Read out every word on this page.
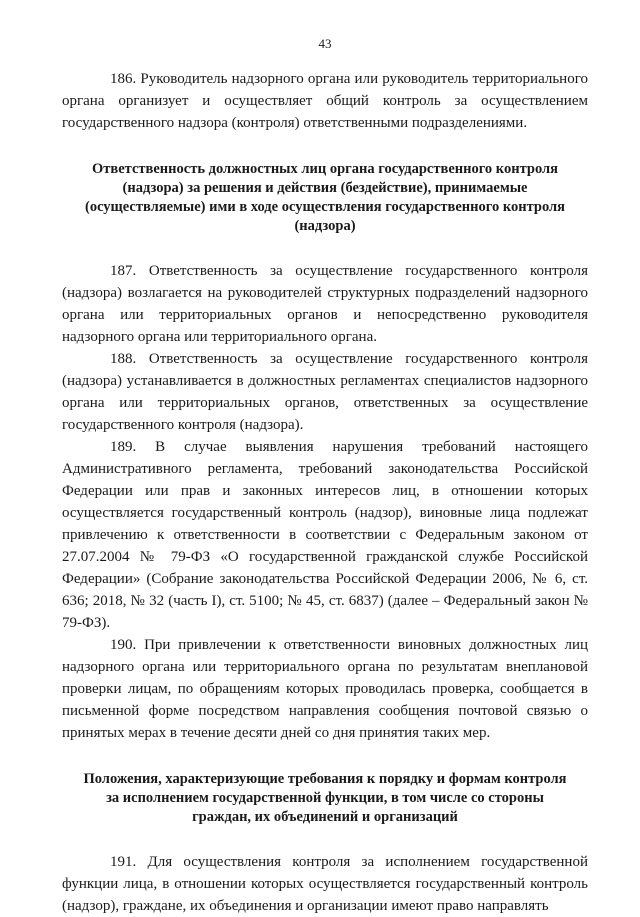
43

186. Руководитель надзорного органа или руководитель территориального органа организует и осуществляет общий контроль за осуществлением государственного надзора (контроля) ответственными подразделениями.

Ответственность должностных лиц органа государственного контроля (надзора) за решения и действия (бездействие), принимаемые (осуществляемые) ими в ходе осуществления государственного контроля (надзора)

187. Ответственность за осуществление государственного контроля (надзора) возлагается на руководителей структурных подразделений надзорного органа или территориальных органов и непосредственно руководителя надзорного органа или территориального органа.

188. Ответственность за осуществление государственного контроля (надзора) устанавливается в должностных регламентах специалистов надзорного органа или территориальных органов, ответственных за осуществление государственного контроля (надзора).

189. В случае выявления нарушения требований настоящего Административного регламента, требований законодательства Российской Федерации или прав и законных интересов лиц, в отношении которых осуществляется государственный контроль (надзор), виновные лица подлежат привлечению к ответственности в соответствии с Федеральным законом от 27.07.2004 № 79-ФЗ «О государственной гражданской службе Российской Федерации» (Собрание законодательства Российской Федерации 2006, № 6, ст. 636; 2018, № 32 (часть I), ст. 5100; № 45, ст. 6837) (далее – Федеральный закон № 79-ФЗ).

190. При привлечении к ответственности виновных должностных лиц надзорного органа или территориального органа по результатам внеплановой проверки лицам, по обращениям которых проводилась проверка, сообщается в письменной форме посредством направления сообщения почтовой связью о принятых мерах в течение десяти дней со дня принятия таких мер.

Положения, характеризующие требования к порядку и формам контроля за исполнением государственной функции, в том числе со стороны граждан, их объединений и организаций

191. Для осуществления контроля за исполнением государственной функции лица, в отношении которых осуществляется государственный контроль (надзор), граждане, их объединения и организации имеют право направлять
